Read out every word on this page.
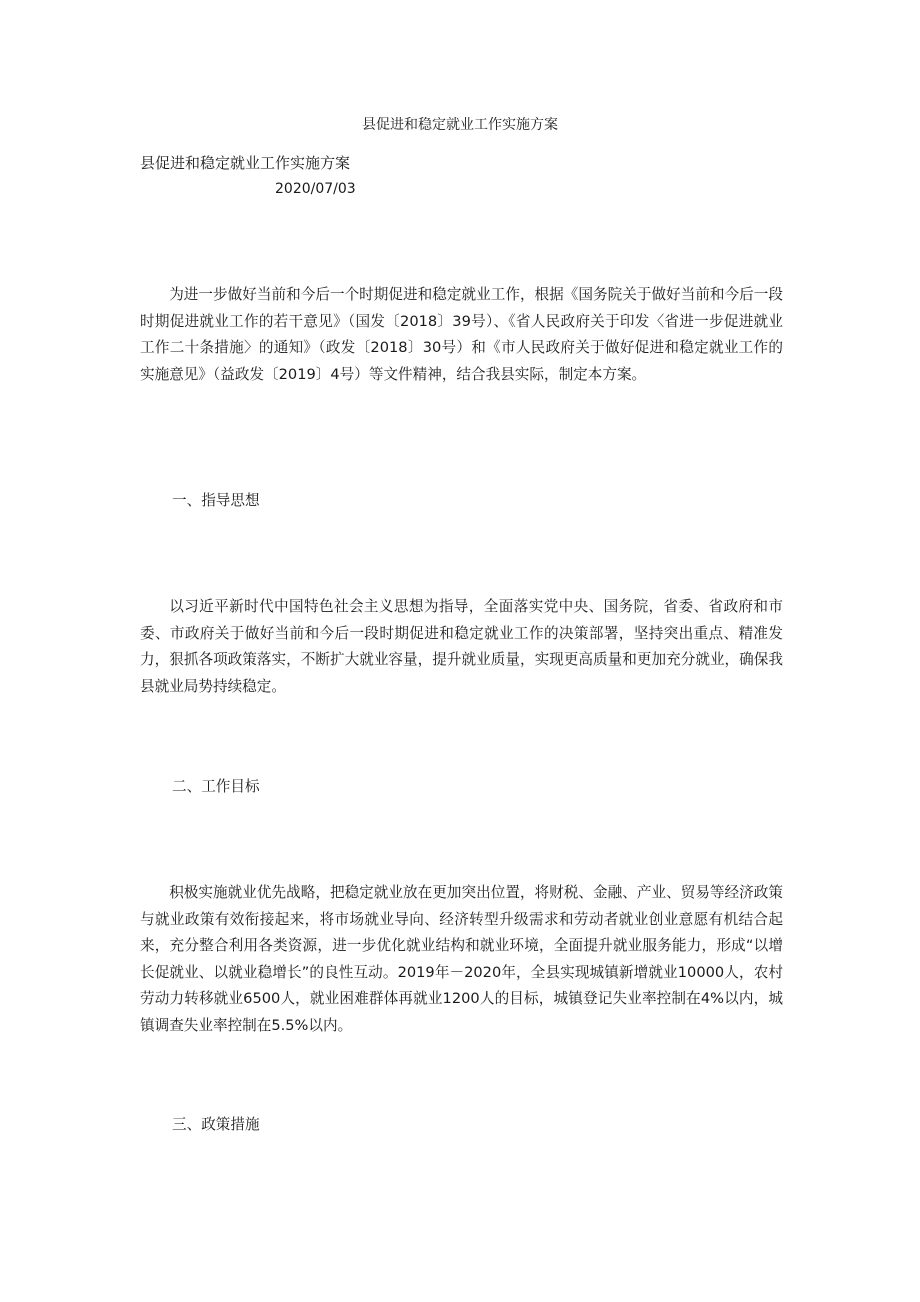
县促进和稳定就业工作实施方案
县促进和稳定就业工作实施方案
2020/07/03

为进一步做好当前和今后一个时期促进和稳定就业工作，根据《国务院关于做好当前和今后一段时期促进就业工作的若干意见》（国发〔2018〕39号）、《省人民政府关于印发〈省进一步促进就业工作二十条措施〉的通知》（政发〔2018〕30号）和《市人民政府关于做好促进和稳定就业工作的实施意见》（益政发〔2019〕4号）等文件精神，结合我县实际，制定本方案。

一、指导思想

以习近平新时代中国特色社会主义思想为指导，全面落实党中央、国务院，省委、省政府和市委、市政府关于做好当前和今后一段时期促进和稳定就业工作的决策部署，坚持突出重点、精准发力，狠抓各项政策落实，不断扩大就业容量，提升就业质量，实现更高质量和更加充分就业，确保我县就业局势持续稳定。

二、工作目标

积极实施就业优先战略，把稳定就业放在更加突出位置，将财税、金融、产业、贸易等经济政策与就业政策有效衔接起来，将市场就业导向、经济转型升级需求和劳动者就业创业意愿有机结合起来，充分整合利用各类资源，进一步优化就业结构和就业环境，全面提升就业服务能力，形成“以增长促就业、以就业稳增长”的良性互动。2019年－2020年，全县实现城镇新增就业10000人，农村劳动力转移就业6500人，就业困难群体再就业1200人的目标，城镇登记失业率控制在4%以内，城镇调查失业率控制在5.5%以内。

三、政策措施
